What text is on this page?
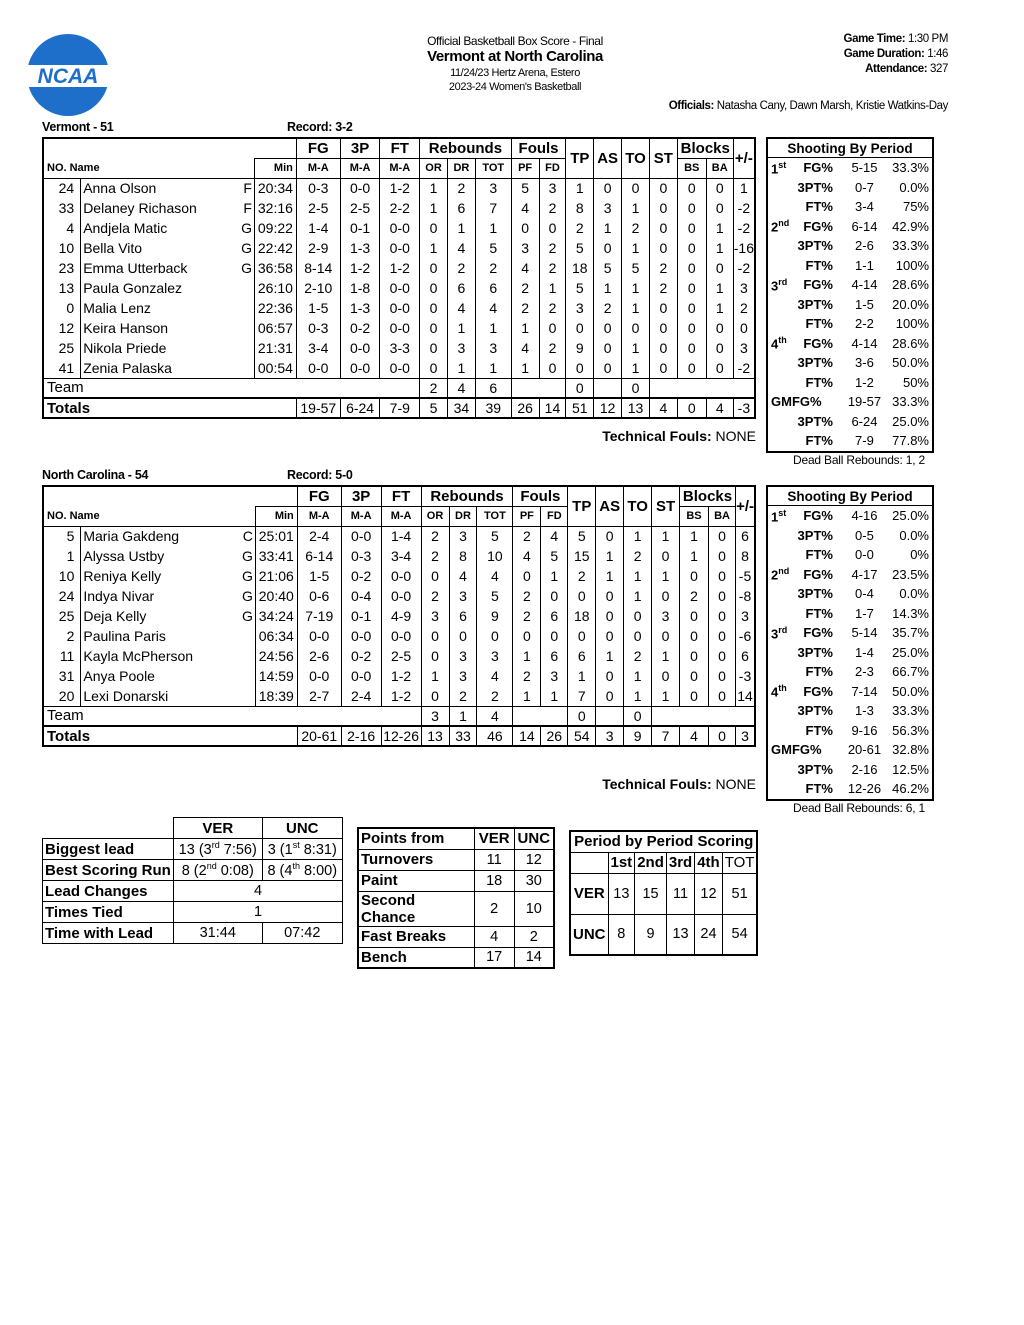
NCAA
Official Basketball Box Score - Final
Vermont at North Carolina
11/24/23 Hertz Arena, Estero
2023-24 Women's Basketball
Game Time: 1:30 PM
Game Duration: 1:46
Attendance: 327
Officials: Natasha Cany, Dawn Marsh, Kristie Watkins-Day
Vermont - 51	Record: 3-2
			FG	3P	FT	Rebounds			Fouls		TP	AS	TO	ST	Blocks		+/-
NO. Name		Min	M-A	M-A	M-A	OR	DR	TOT	PF	FD					BS	BA	
24	Anna Olson F	20:34	0-3	0-0	1-2	1	2	3	5	3	1	0	0	0	0	0	1
33	Delaney Richason F	32:16	2-5	2-5	2-2	1	6	7	4	2	8	3	1	0	0	0	-2
4	Andjela Matic G	09:22	1-4	0-1	0-0	0	1	1	0	0	2	1	2	0	0	1	-2
10	Bella Vito G	22:42	2-9	1-3	0-0	1	4	5	3	2	5	0	1	0	0	1	-16
23	Emma Utterback G	36:58	8-14	1-2	1-2	0	2	2	4	2	18	5	5	2	0	0	-2
13	Paula Gonzalez	26:10	2-10	1-8	0-0	0	6	6	2	1	5	1	1	2	0	1	3
0	Malia Lenz	22:36	1-5	1-3	0-0	0	4	4	2	2	3	2	1	0	0	1	2
12	Keira Hanson	06:57	0-3	0-2	0-0	0	1	1	1	0	0	0	0	0	0	0	0
25	Nikola Priede	21:31	3-4	0-0	3-3	0	3	3	4	2	9	0	1	0	0	0	3
41	Zenia Palaska	00:54	0-0	0-0	0-0	0	1	1	1	0	0	0	1	0	0	0	-2
Team						2	4	6			0		0				
Totals			19-57	6-24	7-9	5	34	39	26	14	51	12	13	4	0	4	-3
Technical Fouls: NONE
Shooting By Period
1st	FG%	5-15	33.3%
	3PT%	0-7	0.0%
	FT%	3-4	75%
2nd	FG%	6-14	42.9%
	3PT%	2-6	33.3%
	FT%	1-1	100%
3rd	FG%	4-14	28.6%
	3PT%	1-5	20.0%
	FT%	2-2	100%
4th	FG%	4-14	28.6%
	3PT%	3-6	50.0%
	FT%	1-2	50%
GM	FG%	19-57	33.3%
	3PT%	6-24	25.0%
	FT%	7-9	77.8%
Dead Ball Rebounds: 1, 2
North Carolina - 54	Record: 5-0
			FG	3P	FT	Rebounds			Fouls		TP	AS	TO	ST	Blocks		+/-
NO. Name		Min	M-A	M-A	M-A	OR	DR	TOT	PF	FD					BS	BA	
5	Maria Gakdeng C	25:01	2-4	0-0	1-4	2	3	5	2	4	5	0	1	1	1	0	6
1	Alyssa Ustby G	33:41	6-14	0-3	3-4	2	8	10	4	5	15	1	2	0	1	0	8
10	Reniya Kelly G	21:06	1-5	0-2	0-0	0	4	4	0	1	2	1	1	1	0	0	-5
24	Indya Nivar G	20:40	0-6	0-4	0-0	2	3	5	2	0	0	0	1	0	2	0	-8
25	Deja Kelly G	34:24	7-19	0-1	4-9	3	6	9	2	6	18	0	0	3	0	0	3
2	Paulina Paris	06:34	0-0	0-0	0-0	0	0	0	0	0	0	0	0	0	0	0	-6
11	Kayla McPherson	24:56	2-6	0-2	2-5	0	3	3	1	6	6	1	2	1	0	0	6
31	Anya Poole	14:59	0-0	0-0	1-2	1	3	4	2	3	1	0	1	0	0	0	-3
20	Lexi Donarski	18:39	2-7	2-4	1-2	0	2	2	1	1	7	0	1	1	0	0	14
Team						3	1	4			0		0				
Totals			20-61	2-16	12-26	13	33	46	14	26	54	3	9	7	4	0	3
Technical Fouls: NONE
Shooting By Period
1st	FG%	4-16	25.0%
	3PT%	0-5	0.0%
	FT%	0-0	0%
2nd	FG%	4-17	23.5%
	3PT%	0-4	0.0%
	FT%	1-7	14.3%
3rd	FG%	5-14	35.7%
	3PT%	1-4	25.0%
	FT%	2-3	66.7%
4th	FG%	7-14	50.0%
	3PT%	1-3	33.3%
	FT%	9-16	56.3%
GM	FG%	20-61	32.8%
	3PT%	2-16	12.5%
	FT%	12-26	46.2%
Dead Ball Rebounds: 6, 1
	VER	UNC
Biggest lead	13 (3rd 7:56)	3 (1st 8:31)
Best Scoring Run	8 (2nd 0:08)	8 (4th 8:00)
Lead Changes	4	
Times Tied	1	
Time with Lead	31:44	07:42
Points from	VER	UNC
Turnovers	11	12
Paint	18	30
Second Chance	2	10
Fast Breaks	4	2
Bench	17	14
Period by Period Scoring					
	1st	2nd	3rd	4th	TOT
VER	13	15	11	12	51
UNC	8	9	13	24	54
